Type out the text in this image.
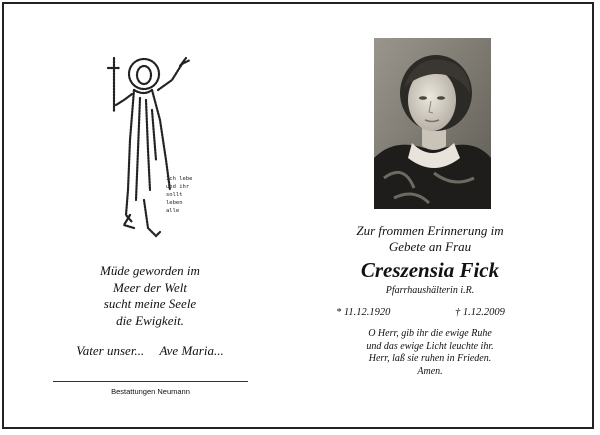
Ich lebe
und ihr
sollt
leben
alle
Müde geworden im
Meer der Welt
sucht meine Seele
die Ewigkeit.
Vater unser... Ave Maria...
Bestattungen Neumann
Zur frommen Erinnerung im
Gebete an Frau
Creszensia Fick
Pfarrhaushälterin i.R.
* 11.12.1920	† 1.12.2009
O Herr, gib ihr die ewige Ruhe
und das ewige Licht leuchte ihr.
Herr, laß sie ruhen in Frieden.
Amen.
